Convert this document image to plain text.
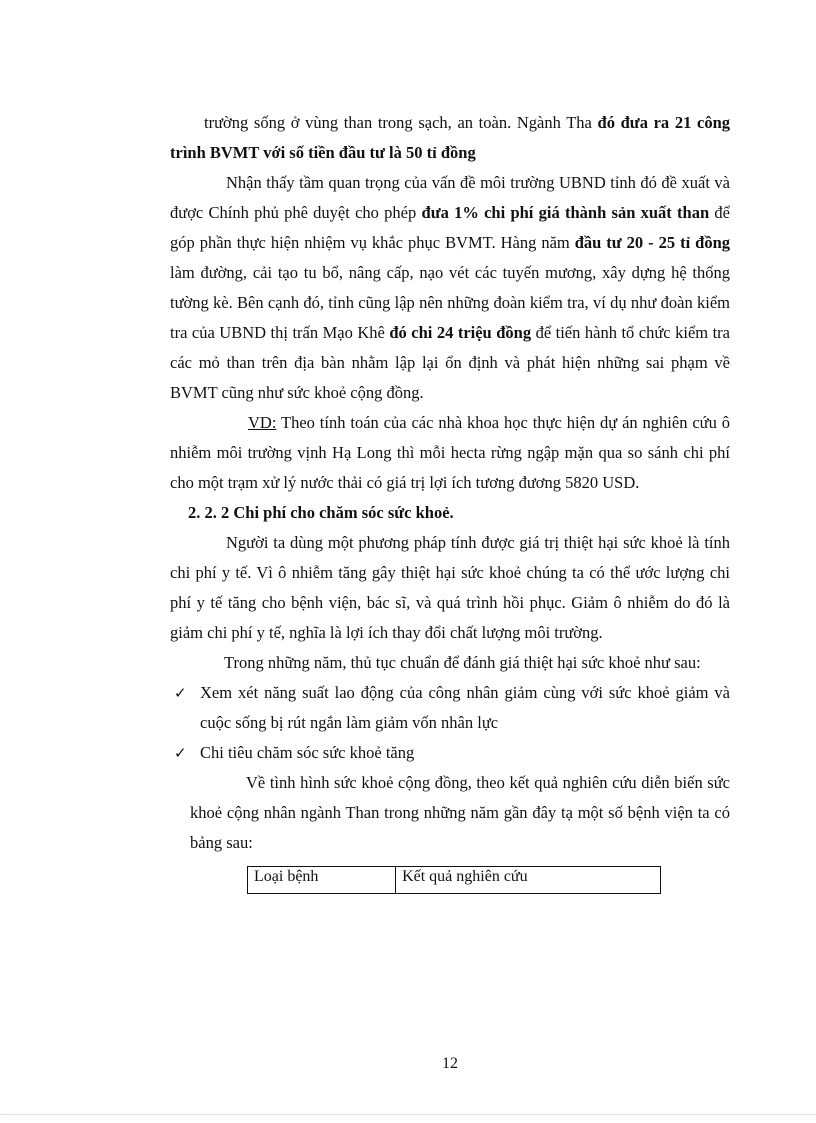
trường sống ở vùng than trong sạch, an toàn. Ngành Tha đó đưa ra 21 công trình BVMT với số tiền đầu tư là 50 tỉ đồng

Nhận thấy tầm quan trọng của vấn đề môi trường UBND tỉnh đó đề xuất và được Chính phủ phê duyệt cho phép đưa 1% chi phí giá thành sản xuất than để góp phần thực hiện nhiệm vụ khắc phục BVMT. Hàng năm đầu tư 20 - 25 tỉ đồng làm đường, cải tạo tu bổ, nâng cấp, nạo vét các tuyến mương, xây dựng hệ thống tường kè. Bên cạnh đó, tỉnh cũng lập nên những đoàn kiểm tra, ví dụ như đoàn kiểm tra của UBND thị trấn Mạo Khê đó chi 24 triệu đồng để tiến hành tổ chức kiểm tra các mỏ than trên địa bàn nhằm lập lại ổn định và phát hiện những sai phạm về BVMT cũng như sức khoẻ cộng đồng.

VD: Theo tính toán của các nhà khoa học thực hiện dự án nghiên cứu ô nhiễm môi trường vịnh Hạ Long thì mỗi hecta rừng ngập mặn qua so sánh chi phí cho một trạm xử lý nước thải có giá trị lợi ích tương đương 5820 USD.

2. 2. 2 Chi phí cho chăm sóc sức khoẻ.

Người ta dùng một phương pháp tính được giá trị thiệt hại sức khoẻ là tính chi phí y tế. Vì ô nhiễm tăng gây thiệt hại sức khoẻ chúng ta có thể ước lượng chi phí y tế tăng cho bệnh viện, bác sĩ, và quá trình hồi phục. Giảm ô nhiễm do đó là giảm chi phí y tế, nghĩa là lợi ích thay đổi chất lượng môi trường.

Trong những năm, thủ tục chuẩn để đánh giá thiệt hại sức khoẻ như sau:

✓ Xem xét năng suất lao động của công nhân giảm cùng với sức khoẻ giảm và cuộc sống bị rút ngắn làm giảm vốn nhân lực
✓ Chi tiêu chăm sóc sức khoẻ tăng

Về tình hình sức khoẻ cộng đồng, theo kết quả nghiên cứu diễn biến sức khoẻ cộng nhân ngành Than trong những năm gần đây tạ một số bệnh viện ta có bảng sau:

Loại bệnh	Kết quả nghiên cứu
12
